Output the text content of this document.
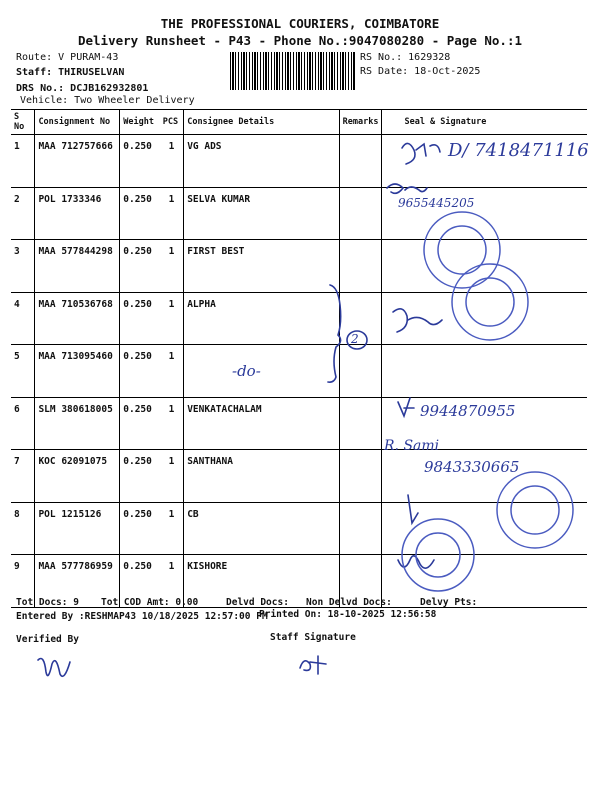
THE PROFESSIONAL COURIERS, COIMBATORE
Delivery Runsheet - P43 - Phone No.:9047080280 - Page No.:1
Route: V PURAM-43
Staff: THIRUSELVAN
DRS No.: DCJB162932801
Vehicle: Two Wheeler Delivery
RS No.: 1629328
RS Date: 18-Oct-2025
S No	Consignment No	Weight	PCS	Consignee Details	Remarks	Seal & Signature
1	MAA 712757666	0.250	1	VG ADS		
2	POL 1733346	0.250	1	SELVA KUMAR		
3	MAA 577844298	0.250	1	FIRST BEST		
4	MAA 710536768	0.250	1	ALPHA		
5	MAA 713095460	0.250	1			
6	SLM 380618005	0.250	1	VENKATACHALAM		
7	KOC 62091075	0.250	1	SANTHANA		
8	POL 1215126	0.250	1	CB		
9	MAA 577786959	0.250	1	KISHORE		
D/ 7418471116
9655445205
-do-
2
9944870955
R. Sami
9843330665
Tot Docs: 9 Tot COD Amt: 0.00	Delvd Docs: Non Delvd Docs:	Delvy Pts:
Entered By :RESHMAP43 10/18/2025 12:57:00 PM
Printed On: 18-10-2025 12:56:58
Verified By	Staff Signature
